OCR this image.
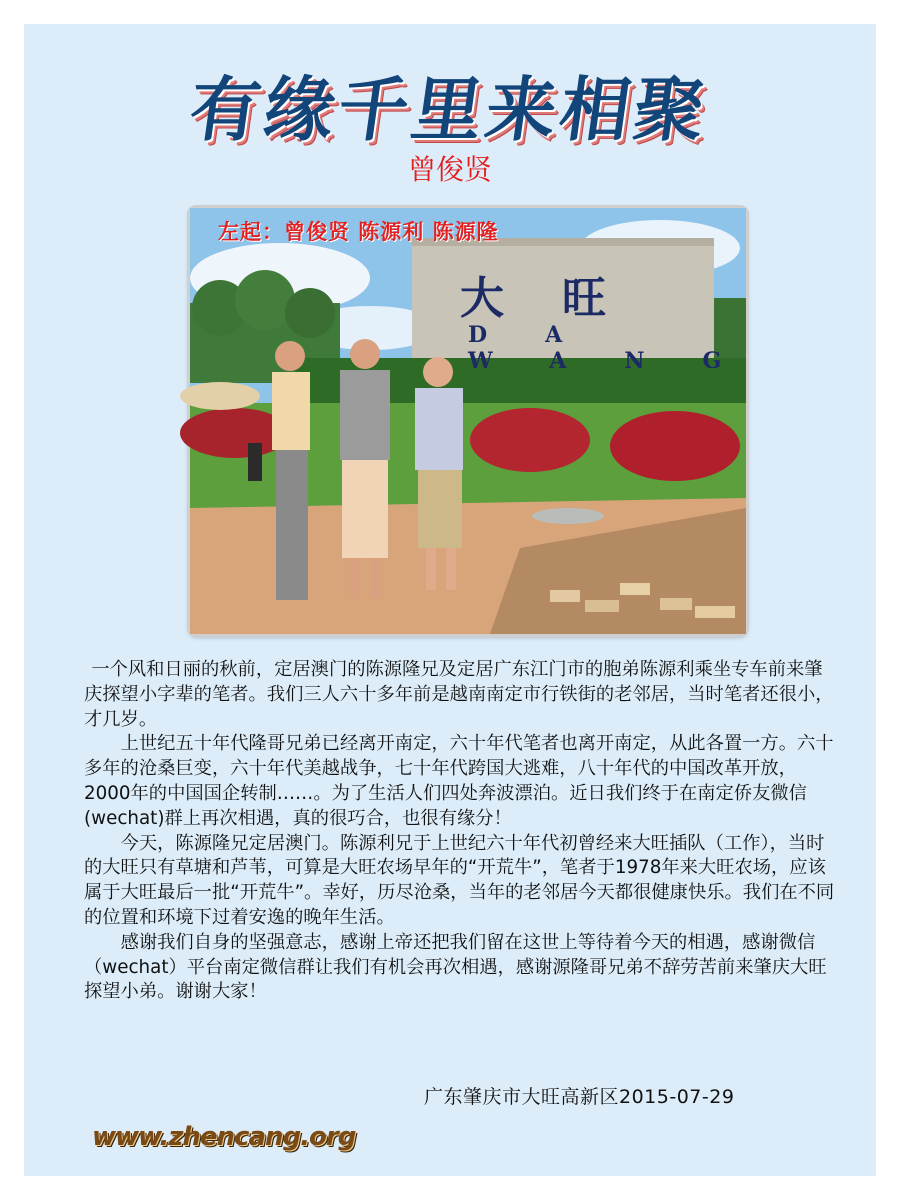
有缘千里来相聚
曾俊贤
左起：曾俊贤 陈源利 陈源隆
大旺
DA WANG

一个风和日丽的秋前，定居澳门的陈源隆兄及定居广东江门市的胞弟陈源利乘坐专车前来肇庆探望小字辈的笔者。我们三人六十多年前是越南南定市行铁街的老邻居，当时笔者还很小，才几岁。

上世纪五十年代隆哥兄弟已经离开南定，六十年代笔者也离开南定，从此各置一方。六十多年的沧桑巨变，六十年代美越战争，七十年代跨国大逃难，八十年代的中国改革开放，2000年的中国国企转制……。为了生活人们四处奔波漂泊。近日我们终于在南定侨友微信(wechat)群上再次相遇，真的很巧合，也很有缘分！

今天，陈源隆兄定居澳门。陈源利兄于上世纪六十年代初曾经来大旺插队（工作），当时的大旺只有草塘和芦苇，可算是大旺农场早年的“开荒牛”，笔者于1978年来大旺农场，应该属于大旺最后一批“开荒牛”。幸好，历尽沧桑，当年的老邻居今天都很健康快乐。我们在不同的位置和环境下过着安逸的晚年生活。

感谢我们自身的坚强意志，感谢上帝还把我们留在这世上等待着今天的相遇，感谢微信（wechat）平台南定微信群让我们有机会再次相遇，感谢源隆哥兄弟不辞劳苦前来肇庆大旺探望小弟。谢谢大家！

广东肇庆市大旺高新区2015-07-29
www.zhencang.org
